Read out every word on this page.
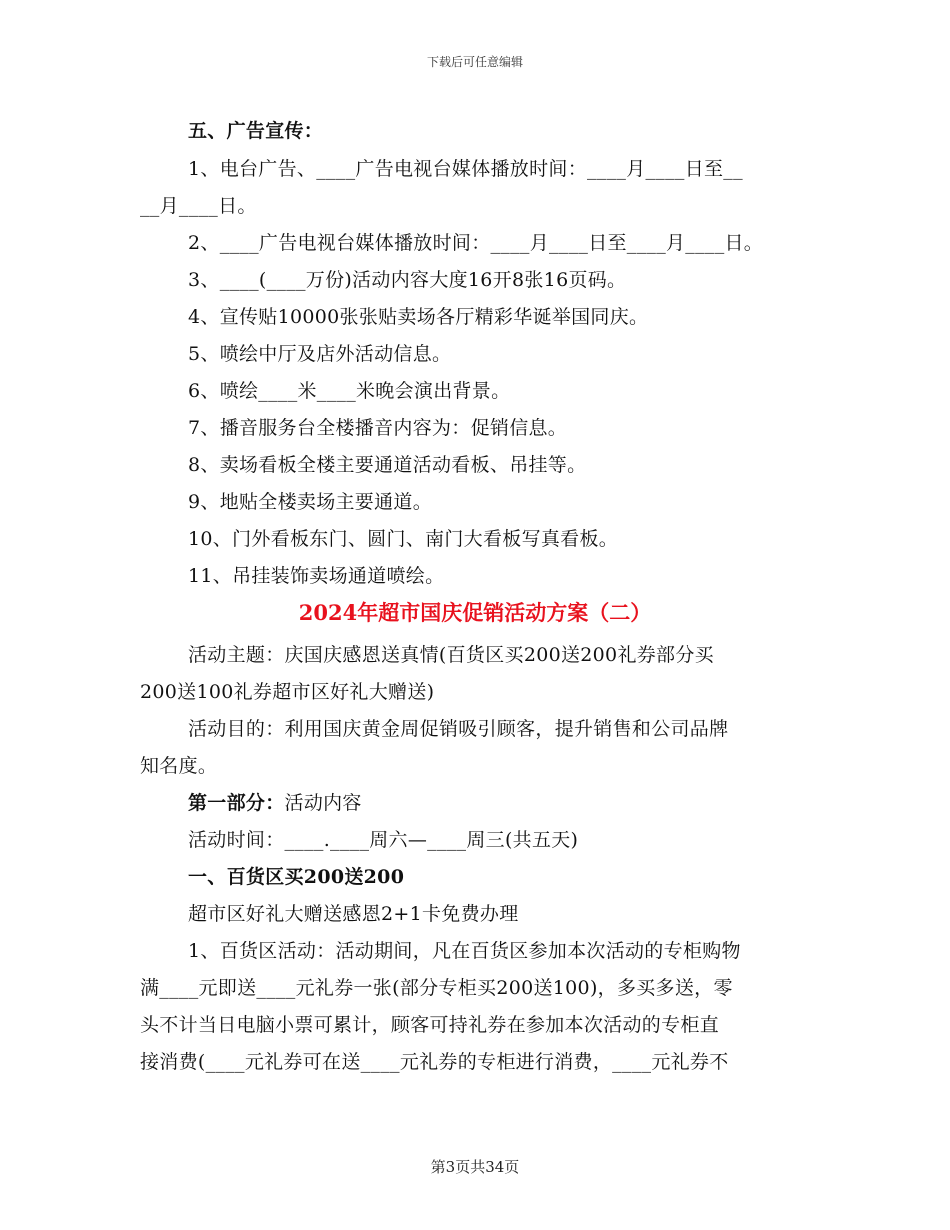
下载后可任意编辑
五、广告宣传：
1、电台广告、____广告电视台媒体播放时间：____月____日至__
__月____日。
2、____广告电视台媒体播放时间：____月____日至____月____日。
3、____(____万份)活动内容大度16开8张16页码。
4、宣传贴10000张张贴卖场各厅精彩华诞举国同庆。
5、喷绘中厅及店外活动信息。
6、喷绘____米____米晚会演出背景。
7、播音服务台全楼播音内容为：促销信息。
8、卖场看板全楼主要通道活动看板、吊挂等。
9、地贴全楼卖场主要通道。
10、门外看板东门、圆门、南门大看板写真看板。
11、吊挂装饰卖场通道喷绘。
2024年超市国庆促销活动方案（二）
活动主题：庆国庆感恩送真情(百货区买200送200礼券部分买
200送100礼券超市区好礼大赠送)
活动目的：利用国庆黄金周促销吸引顾客，提升销售和公司品牌
知名度。
第一部分：活动内容
活动时间：____.____周六—____周三(共五天)
一、百货区买200送200
超市区好礼大赠送感恩2+1卡免费办理
1、百货区活动：活动期间，凡在百货区参加本次活动的专柜购物
满____元即送____元礼券一张(部分专柜买200送100)，多买多送，零
头不计当日电脑小票可累计，顾客可持礼券在参加本次活动的专柜直
接消费(____元礼券可在送____元礼券的专柜进行消费，____元礼券不
第3页共34页
